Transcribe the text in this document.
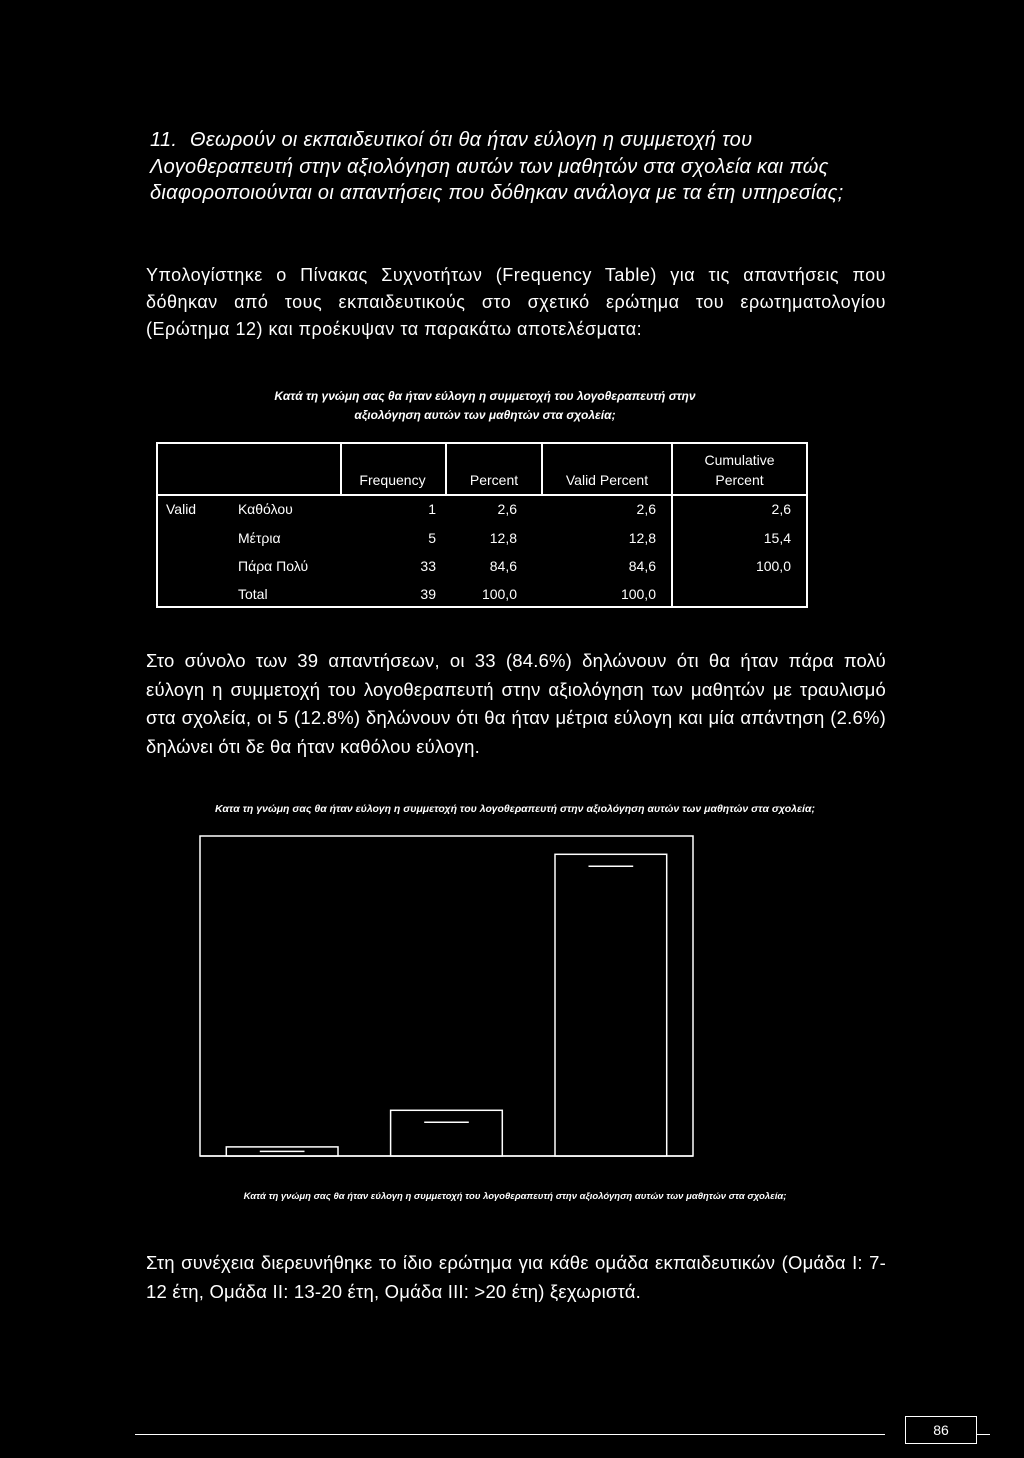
11. Θεωρούν οι εκπαιδευτικοί ότι θα ήταν εύλογη η συμμετοχή του Λογοθεραπευτή στην αξιολόγηση αυτών των μαθητών στα σχολεία και πώς διαφοροποιούνται οι απαντήσεις που δόθηκαν ανάλογα με τα έτη υπηρεσίας;
Υπολογίστηκε ο Πίνακας Συχνοτήτων (Frequency Table) για τις απαντήσεις που δόθηκαν από τους εκπαιδευτικούς στο σχετικό ερώτημα του ερωτηματολογίου (Ερώτημα 12) και προέκυψαν τα παρακάτω αποτελέσματα:
Κατά τη γνώμη σας θα ήταν εύλογη η συμμετοχή του λογοθεραπευτή στην
αξιολόγηση αυτών των μαθητών στα σχολεία;
Frequency	Percent	Valid Percent
Cumulative
Percent
Valid	Καθόλου	1	2,6	2,6	2,6
Μέτρια	5	12,8	12,8	15,4
Πάρα Πολύ	33	84,6	84,6	100,0
Total	39	100,0	100,0
Στο σύνολο των 39 απαντήσεων, οι 33 (84.6%) δηλώνουν ότι θα ήταν πάρα πολύ εύλογη η συμμετοχή του λογοθεραπευτή στην αξιολόγηση των μαθητών με τραυλισμό στα σχολεία, οι 5 (12.8%) δηλώνουν ότι θα ήταν μέτρια εύλογη και μία απάντηση (2.6%) δηλώνει ότι δε θα ήταν καθόλου εύλογη.
Κατα τη γνώμη σας θα ήταν εύλογη η συμμετοχή του λογοθεραπευτή στην αξιολόγηση αυτών των μαθητών στα σχολεία;
Κατά τη γνώμη σας θα ήταν εύλογη η συμμετοχή του λογοθεραπευτή στην αξιολόγηση αυτών των μαθητών στα σχολεία;
Στη συνέχεια διερευνήθηκε το ίδιο ερώτημα για κάθε ομάδα εκπαιδευτικών (Ομάδα Ι: 7-12 έτη, Ομάδα ΙΙ: 13-20 έτη, Ομάδα ΙΙΙ: >20 έτη) ξεχωριστά.
86
